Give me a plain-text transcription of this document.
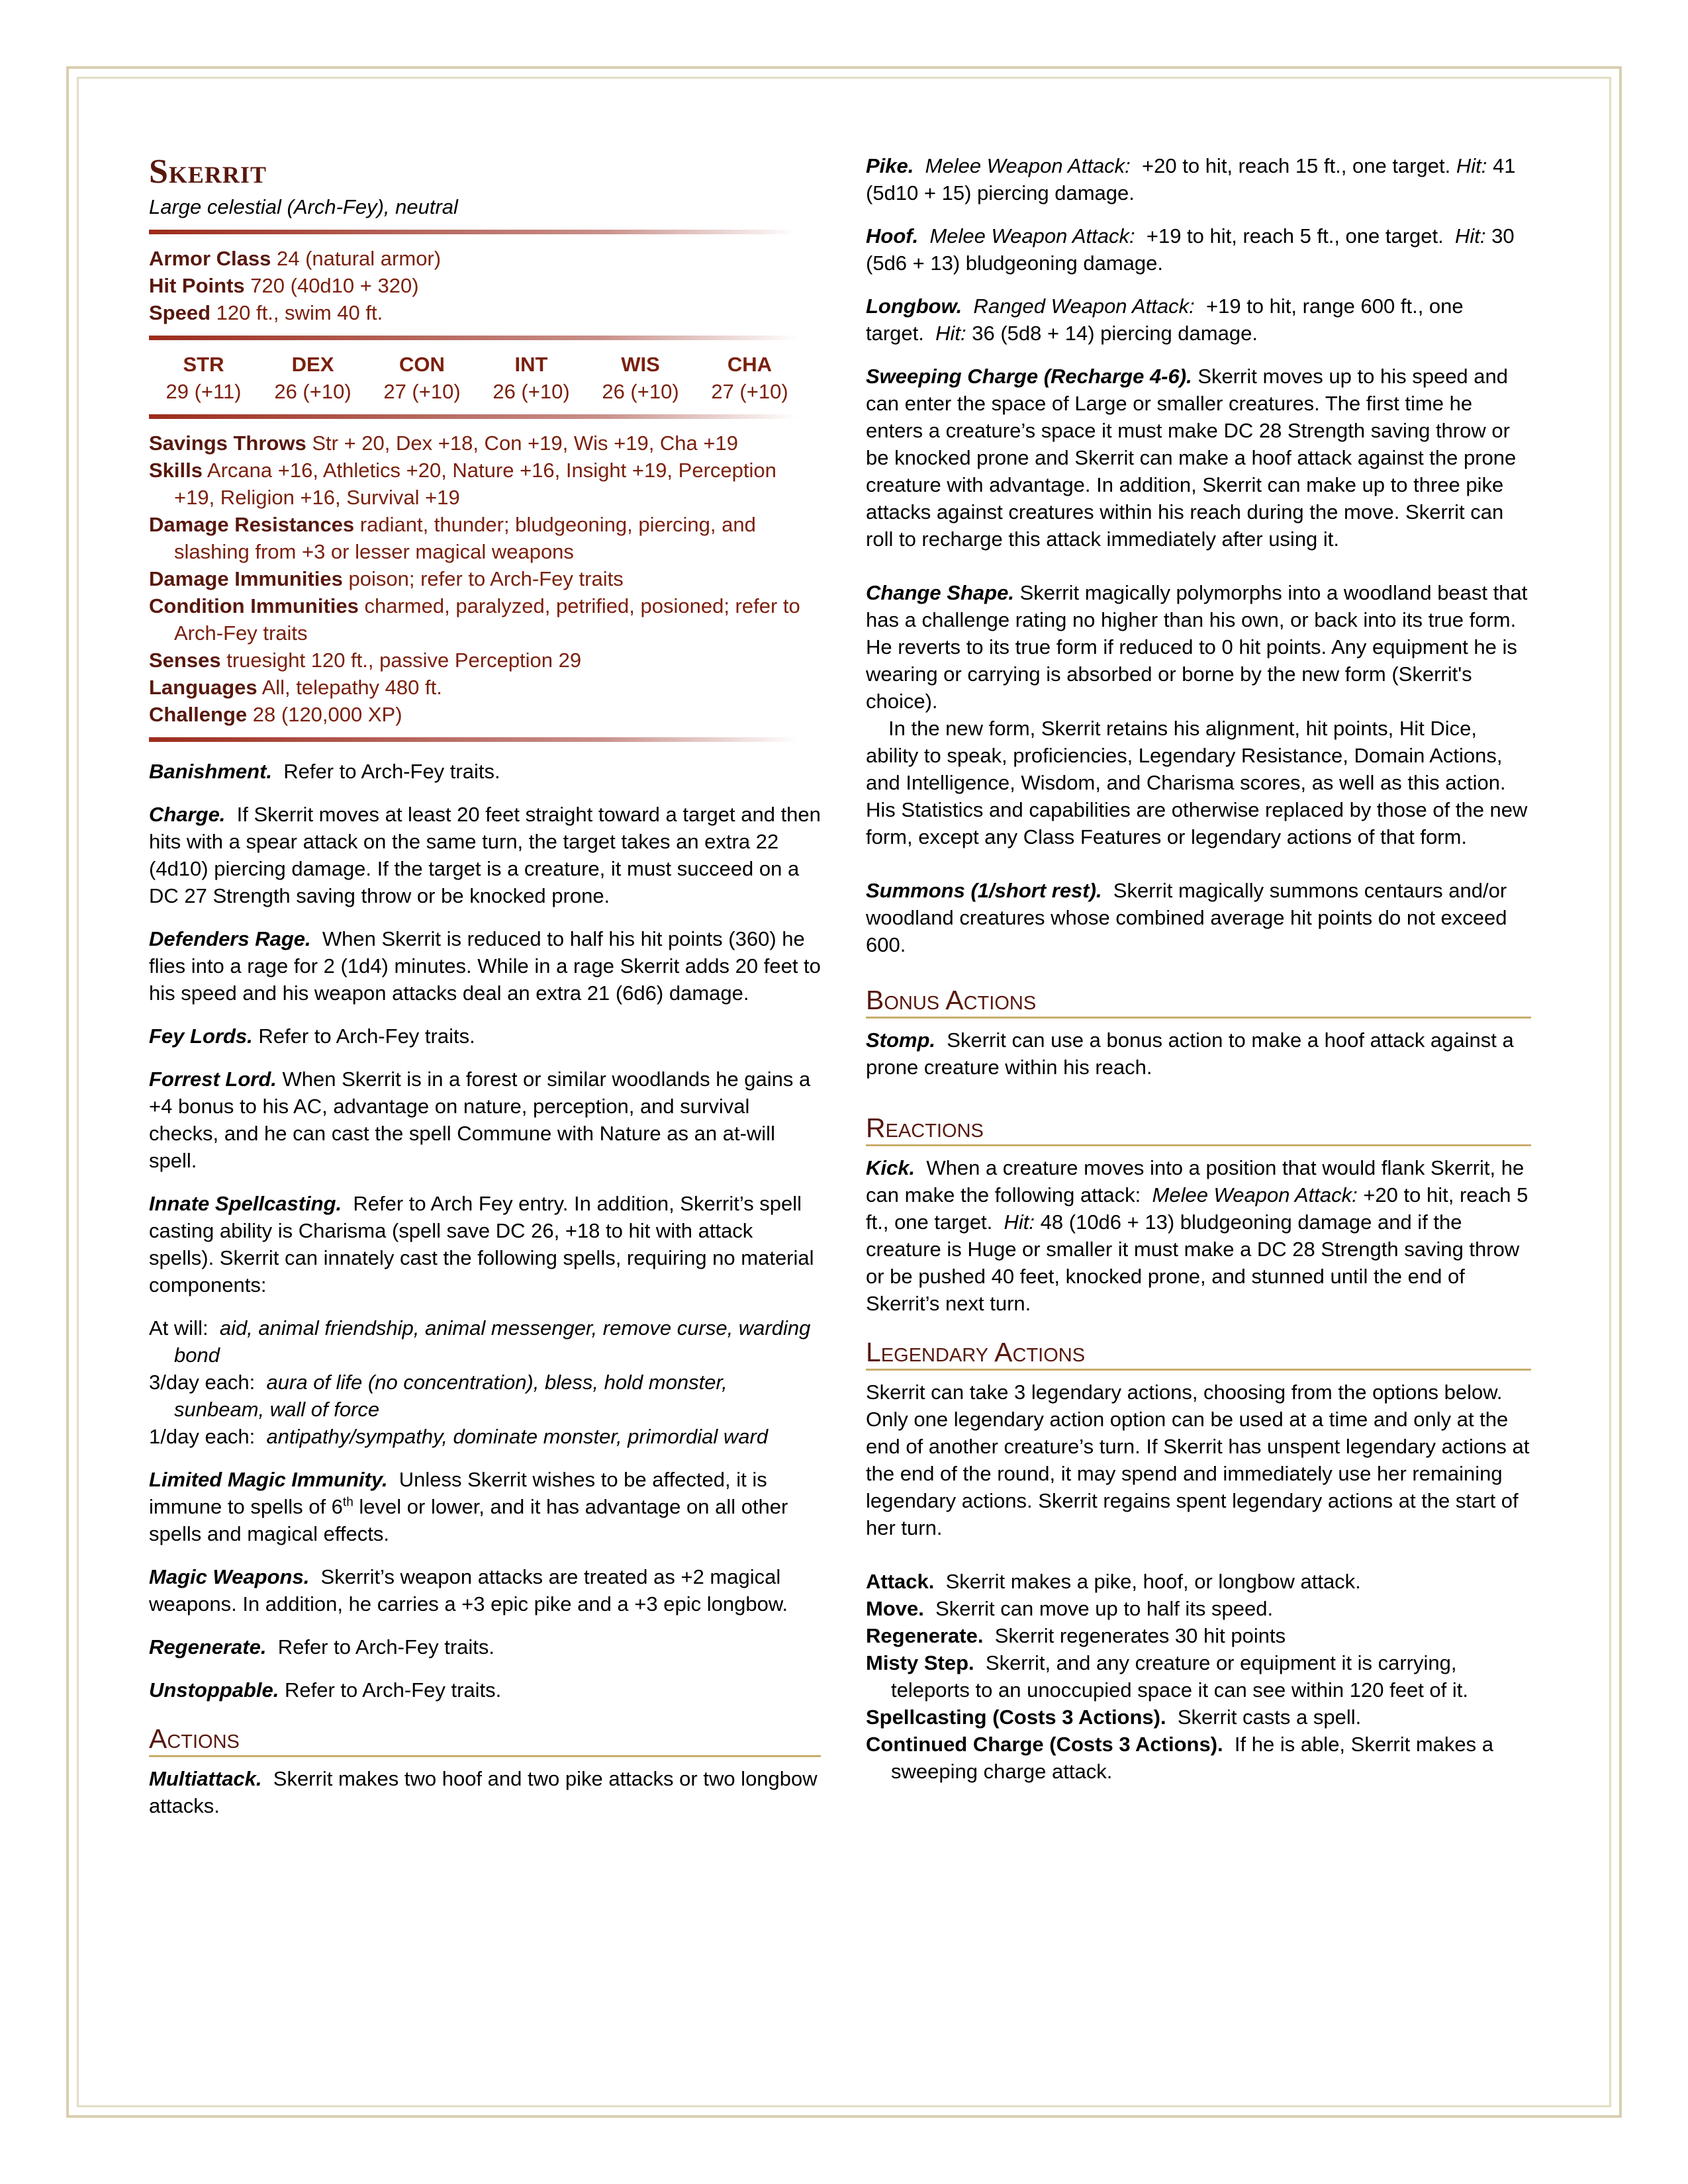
Skerrit

Large celestial (Arch-Fey), neutral

Armor Class 24 (natural armor)

Hit Points 720 (40d10 + 320)

Speed 120 ft., swim 40 ft.

STR	DEX	CON	INT	WIS	CHA
29 (+11)	26 (+10)	27 (+10)	26 (+10)	26 (+10)	27 (+10)

Savings Throws Str + 20, Dex +18, Con +19, Wis +19, Cha +19

Skills Arcana +16, Athletics +20, Nature +16, Insight +19, Perception +19, Religion +16, Survival +19

Damage Resistances radiant, thunder; bludgeoning, piercing, and slashing from +3 or lesser magical weapons

Damage Immunities poison; refer to Arch-Fey traits

Condition Immunities charmed, paralyzed, petrified, posioned; refer to Arch-Fey traits

Senses truesight 120 ft., passive Perception 29

Languages All, telepathy 480 ft.

Challenge 28 (120,000 XP)

Banishment. Refer to Arch-Fey traits.

Charge. If Skerrit moves at least 20 feet straight toward a target and then hits with a spear attack on the same turn, the target takes an extra 22 (4d10) piercing damage. If the target is a creature, it must succeed on a DC 27 Strength saving throw or be knocked prone.

Defenders Rage. When Skerrit is reduced to half his hit points (360) he flies into a rage for 2 (1d4) minutes. While in a rage Skerrit adds 20 feet to his speed and his weapon attacks deal an extra 21 (6d6) damage.

Fey Lords. Refer to Arch-Fey traits.

Forrest Lord. When Skerrit is in a forest or similar woodlands he gains a +4 bonus to his AC, advantage on nature, perception, and survival checks, and he can cast the spell Commune with Nature as an at-will spell.

Innate Spellcasting. Refer to Arch Fey entry. In addition, Skerrit’s spell casting ability is Charisma (spell save DC 26, +18 to hit with attack spells). Skerrit can innately cast the following spells, requiring no material components:

At will: aid, animal friendship, animal messenger, remove curse, warding bond

3/day each: aura of life (no concentration), bless, hold monster, sunbeam, wall of force

1/day each: antipathy/sympathy, dominate monster, primordial ward

Limited Magic Immunity. Unless Skerrit wishes to be affected, it is immune to spells of 6th level or lower, and it has advantage on all other spells and magical effects.

Magic Weapons. Skerrit’s weapon attacks are treated as +2 magical weapons. In addition, he carries a +3 epic pike and a +3 epic longbow.

Regenerate. Refer to Arch-Fey traits.

Unstoppable. Refer to Arch-Fey traits.

Actions

Multiattack. Skerrit makes two hoof and two pike attacks or two longbow attacks.

Pike. Melee Weapon Attack: +20 to hit, reach 15 ft., one target. Hit: 41 (5d10 + 15) piercing damage.

Hoof. Melee Weapon Attack: +19 to hit, reach 5 ft., one target. Hit: 30 (5d6 + 13) bludgeoning damage.

Longbow. Ranged Weapon Attack: +19 to hit, range 600 ft., one target. Hit: 36 (5d8 + 14) piercing damage.

Sweeping Charge (Recharge 4-6). Skerrit moves up to his speed and can enter the space of Large or smaller creatures. The first time he enters a creature’s space it must make DC 28 Strength saving throw or be knocked prone and Skerrit can make a hoof attack against the prone creature with advantage. In addition, Skerrit can make up to three pike attacks against creatures within his reach during the move. Skerrit can roll to recharge this attack immediately after using it.

Change Shape. Skerrit magically polymorphs into a woodland beast that has a challenge rating no higher than his own, or back into its true form. He reverts to its true form if reduced to 0 hit points. Any equipment he is wearing or carrying is absorbed or borne by the new form (Skerrit's choice).

In the new form, Skerrit retains his alignment, hit points, Hit Dice, ability to speak, proficiencies, Legendary Resistance, Domain Actions, and Intelligence, Wisdom, and Charisma scores, as well as this action. His Statistics and capabilities are otherwise replaced by those of the new form, except any Class Features or legendary actions of that form.

Summons (1/short rest). Skerrit magically summons centaurs and/or woodland creatures whose combined average hit points do not exceed 600.

Bonus Actions

Stomp. Skerrit can use a bonus action to make a hoof attack against a prone creature within his reach.

Reactions

Kick. When a creature moves into a position that would flank Skerrit, he can make the following attack: Melee Weapon Attack: +20 to hit, reach 5 ft., one target. Hit: 48 (10d6 + 13) bludgeoning damage and if the creature is Huge or smaller it must make a DC 28 Strength saving throw or be pushed 40 feet, knocked prone, and stunned until the end of Skerrit’s next turn.

Legendary Actions

Skerrit can take 3 legendary actions, choosing from the options below. Only one legendary action option can be used at a time and only at the end of another creature’s turn. If Skerrit has unspent legendary actions at the end of the round, it may spend and immediately use her remaining legendary actions. Skerrit regains spent legendary actions at the start of her turn.

Attack. Skerrit makes a pike, hoof, or longbow attack.

Move. Skerrit can move up to half its speed.

Regenerate. Skerrit regenerates 30 hit points

Misty Step. Skerrit, and any creature or equipment it is carrying, teleports to an unoccupied space it can see within 120 feet of it.

Spellcasting (Costs 3 Actions). Skerrit casts a spell.

Continued Charge (Costs 3 Actions). If he is able, Skerrit makes a sweeping charge attack.
